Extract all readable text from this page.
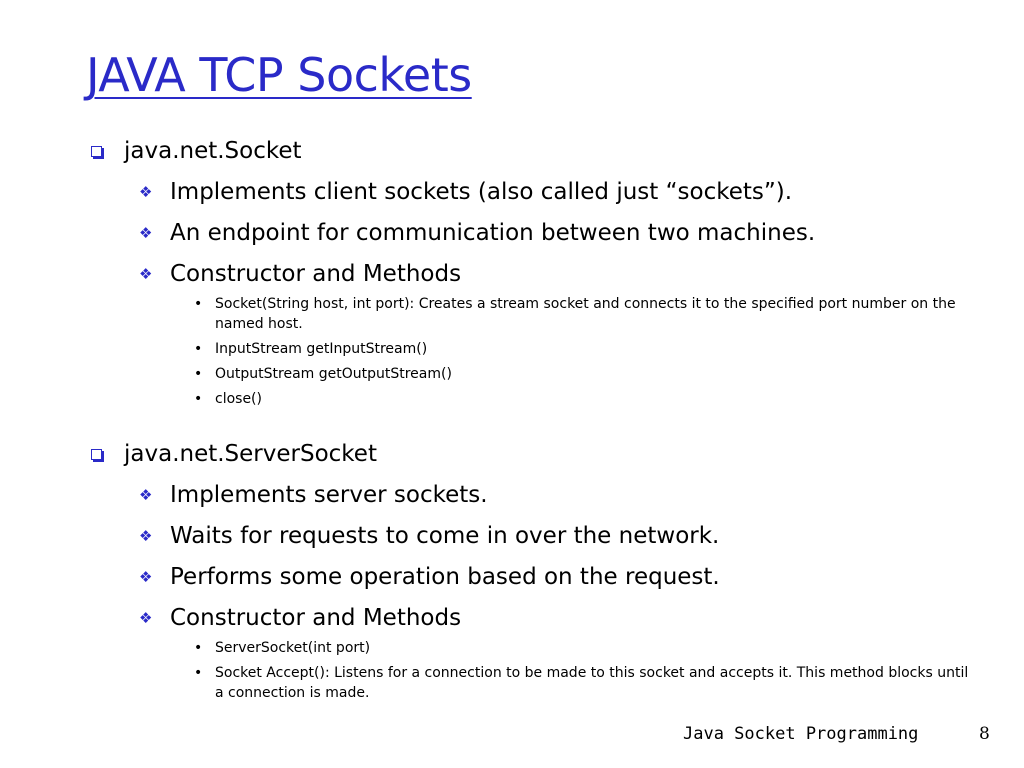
JAVA TCP Sockets
java.net.Socket
❖ Implements client sockets (also called just “sockets”).
❖ An endpoint for communication between two machines.
❖ Constructor and Methods
• Socket(String host, int port): Creates a stream socket and connects it to the specified port number on the named host.
• InputStream getInputStream()
• OutputStream getOutputStream()
• close()
java.net.ServerSocket
❖ Implements server sockets.
❖ Waits for requests to come in over the network.
❖ Performs some operation based on the request.
❖ Constructor and Methods
• ServerSocket(int port)
• Socket Accept(): Listens for a connection to be made to this socket and accepts it. This method blocks until a connection is made.
Java Socket Programming	8
